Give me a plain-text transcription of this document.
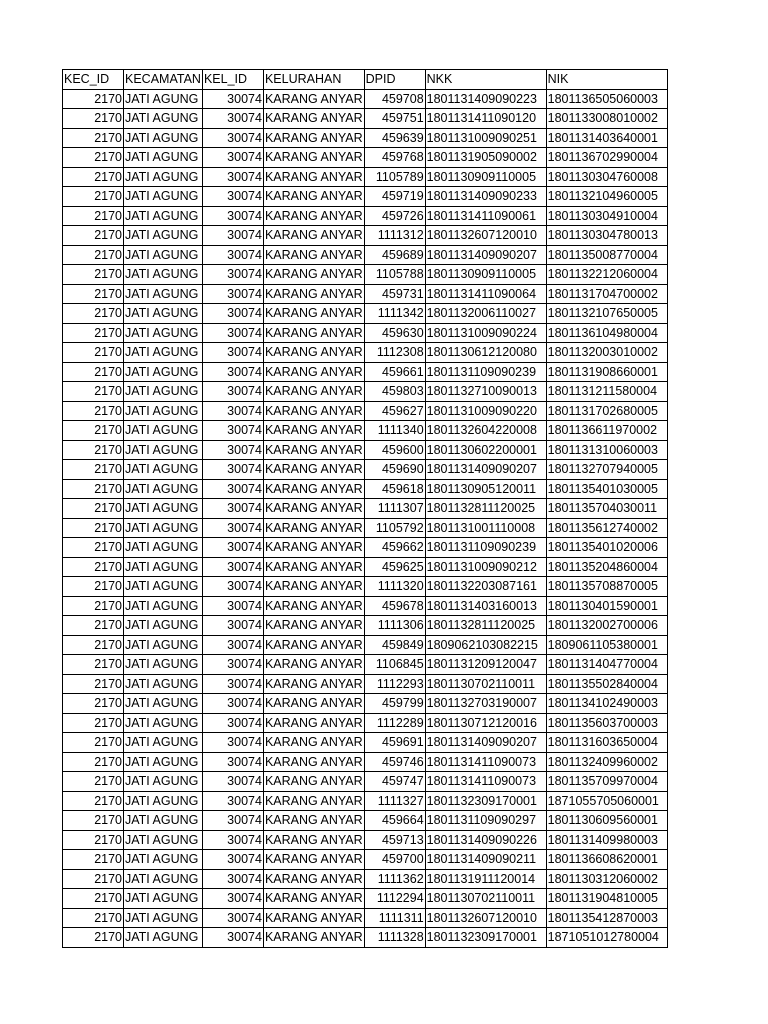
KEC_ID	KECAMATAN	KEL_ID	KELURAHAN	DPID	NKK	NIK
2170	JATI AGUNG	30074	KARANG ANYAR	459708	1801131409090223	1801136505060003
2170	JATI AGUNG	30074	KARANG ANYAR	459751	1801131411090120	1801133008010002
2170	JATI AGUNG	30074	KARANG ANYAR	459639	1801131009090251	1801131403640001
2170	JATI AGUNG	30074	KARANG ANYAR	459768	1801131905090002	1801136702990004
2170	JATI AGUNG	30074	KARANG ANYAR	1105789	1801130909110005	1801130304760008
2170	JATI AGUNG	30074	KARANG ANYAR	459719	1801131409090233	1801132104960005
2170	JATI AGUNG	30074	KARANG ANYAR	459726	1801131411090061	1801130304910004
2170	JATI AGUNG	30074	KARANG ANYAR	1111312	1801132607120010	1801130304780013
2170	JATI AGUNG	30074	KARANG ANYAR	459689	1801131409090207	1801135008770004
2170	JATI AGUNG	30074	KARANG ANYAR	1105788	1801130909110005	1801132212060004
2170	JATI AGUNG	30074	KARANG ANYAR	459731	1801131411090064	1801131704700002
2170	JATI AGUNG	30074	KARANG ANYAR	1111342	1801132006110027	1801132107650005
2170	JATI AGUNG	30074	KARANG ANYAR	459630	1801131009090224	1801136104980004
2170	JATI AGUNG	30074	KARANG ANYAR	1112308	1801130612120080	1801132003010002
2170	JATI AGUNG	30074	KARANG ANYAR	459661	1801131109090239	1801131908660001
2170	JATI AGUNG	30074	KARANG ANYAR	459803	1801132710090013	1801131211580004
2170	JATI AGUNG	30074	KARANG ANYAR	459627	1801131009090220	1801131702680005
2170	JATI AGUNG	30074	KARANG ANYAR	1111340	1801132604220008	1801136611970002
2170	JATI AGUNG	30074	KARANG ANYAR	459600	1801130602200001	1801131310060003
2170	JATI AGUNG	30074	KARANG ANYAR	459690	1801131409090207	1801132707940005
2170	JATI AGUNG	30074	KARANG ANYAR	459618	1801130905120011	1801135401030005
2170	JATI AGUNG	30074	KARANG ANYAR	1111307	1801132811120025	1801135704030011
2170	JATI AGUNG	30074	KARANG ANYAR	1105792	1801131001110008	1801135612740002
2170	JATI AGUNG	30074	KARANG ANYAR	459662	1801131109090239	1801135401020006
2170	JATI AGUNG	30074	KARANG ANYAR	459625	1801131009090212	1801135204860004
2170	JATI AGUNG	30074	KARANG ANYAR	1111320	1801132203087161	1801135708870005
2170	JATI AGUNG	30074	KARANG ANYAR	459678	1801131403160013	1801130401590001
2170	JATI AGUNG	30074	KARANG ANYAR	1111306	1801132811120025	1801132002700006
2170	JATI AGUNG	30074	KARANG ANYAR	459849	1809062103082215	1809061105380001
2170	JATI AGUNG	30074	KARANG ANYAR	1106845	1801131209120047	1801131404770004
2170	JATI AGUNG	30074	KARANG ANYAR	1112293	1801130702110011	1801135502840004
2170	JATI AGUNG	30074	KARANG ANYAR	459799	1801132703190007	1801134102490003
2170	JATI AGUNG	30074	KARANG ANYAR	1112289	1801130712120016	1801135603700003
2170	JATI AGUNG	30074	KARANG ANYAR	459691	1801131409090207	1801131603650004
2170	JATI AGUNG	30074	KARANG ANYAR	459746	1801131411090073	1801132409960002
2170	JATI AGUNG	30074	KARANG ANYAR	459747	1801131411090073	1801135709970004
2170	JATI AGUNG	30074	KARANG ANYAR	1111327	1801132309170001	1871055705060001
2170	JATI AGUNG	30074	KARANG ANYAR	459664	1801131109090297	1801130609560001
2170	JATI AGUNG	30074	KARANG ANYAR	459713	1801131409090226	1801131409980003
2170	JATI AGUNG	30074	KARANG ANYAR	459700	1801131409090211	1801136608620001
2170	JATI AGUNG	30074	KARANG ANYAR	1111362	1801131911120014	1801130312060002
2170	JATI AGUNG	30074	KARANG ANYAR	1112294	1801130702110011	1801131904810005
2170	JATI AGUNG	30074	KARANG ANYAR	1111311	1801132607120010	1801135412870003
2170	JATI AGUNG	30074	KARANG ANYAR	1111328	1801132309170001	1871051012780004
